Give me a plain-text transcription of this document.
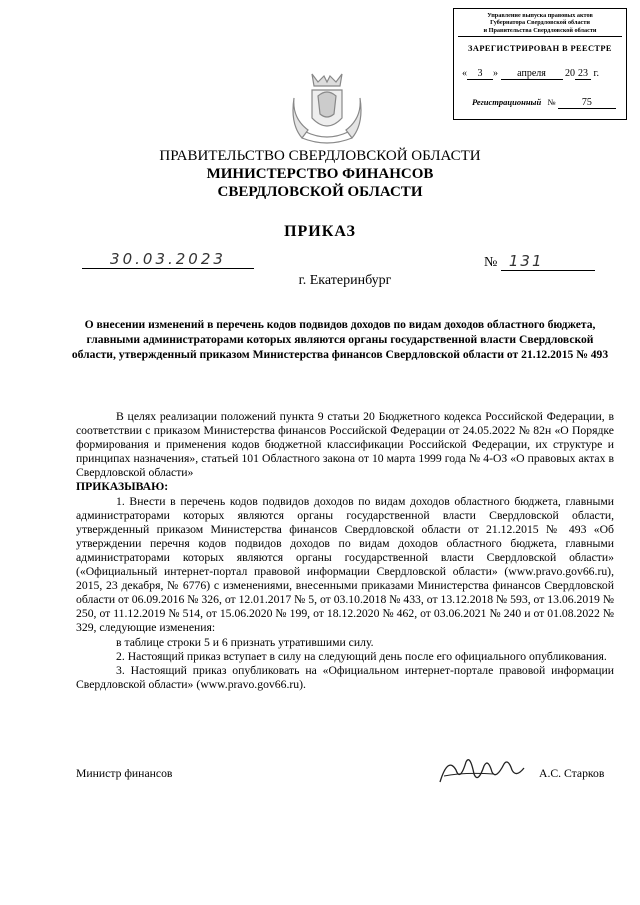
Управление выпуска правовых актов
Губернатора Свердловской области
и Правительства Свердловской области
ЗАРЕГИСТРИРОВАН В РЕЕСТРЕ
« 3 » апреля 20 23 г.
Регистрационный №	75
ПРАВИТЕЛЬСТВО СВЕРДЛОВСКОЙ ОБЛАСТИ
МИНИСТЕРСТВО ФИНАНСОВ
СВЕРДЛОВСКОЙ ОБЛАСТИ
ПРИКАЗ
30.03.2023	№ 131
г. Екатеринбург
О внесении изменений в перечень кодов подвидов доходов по видам доходов областного бюджета, главными администраторами которых являются органы государственной власти Свердловской области, утвержденный приказом Министерства финансов Свердловской области от 21.12.2015 № 493

В целях реализации положений пункта 9 статьи 20 Бюджетного кодекса Российской Федерации, в соответствии с приказом Министерства финансов Российской Федерации от 24.05.2022 № 82н «О Порядке формирования и применения кодов бюджетной классификации Российской Федерации, их структуре и принципах назначения», статьей 101 Областного закона от 10 марта 1999 года № 4-ОЗ «О правовых актах в Свердловской области»

ПРИКАЗЫВАЮ:

1. Внести в перечень кодов подвидов доходов по видам доходов областного бюджета, главными администраторами которых являются органы государственной власти Свердловской области, утвержденный приказом Министерства финансов Свердловской области от 21.12.2015 № 493 «Об утверждении перечня кодов подвидов доходов по видам доходов областного бюджета, главными администраторами которых являются органы государственной власти Свердловской области» («Официальный интернет-портал правовой информации Свердловской области» (www.pravo.gov66.ru), 2015, 23 декабря, № 6776) с изменениями, внесенными приказами Министерства финансов Свердловской области от 06.09.2016 № 326, от 12.01.2017 № 5, от 03.10.2018 № 433, от 13.12.2018 № 593, от 13.06.2019 № 250, от 11.12.2019 № 514, от 15.06.2020 № 199, от 18.12.2020 № 462, от 03.06.2021 № 240 и от 01.08.2022 № 329, следующие изменения:

в таблице строки 5 и 6 признать утратившими силу.

2. Настоящий приказ вступает в силу на следующий день после его официального опубликования.

3. Настоящий приказ опубликовать на «Официальном интернет-портале правовой информации Свердловской области» (www.pravo.gov66.ru).

Министр финансов	А.С. Старков
